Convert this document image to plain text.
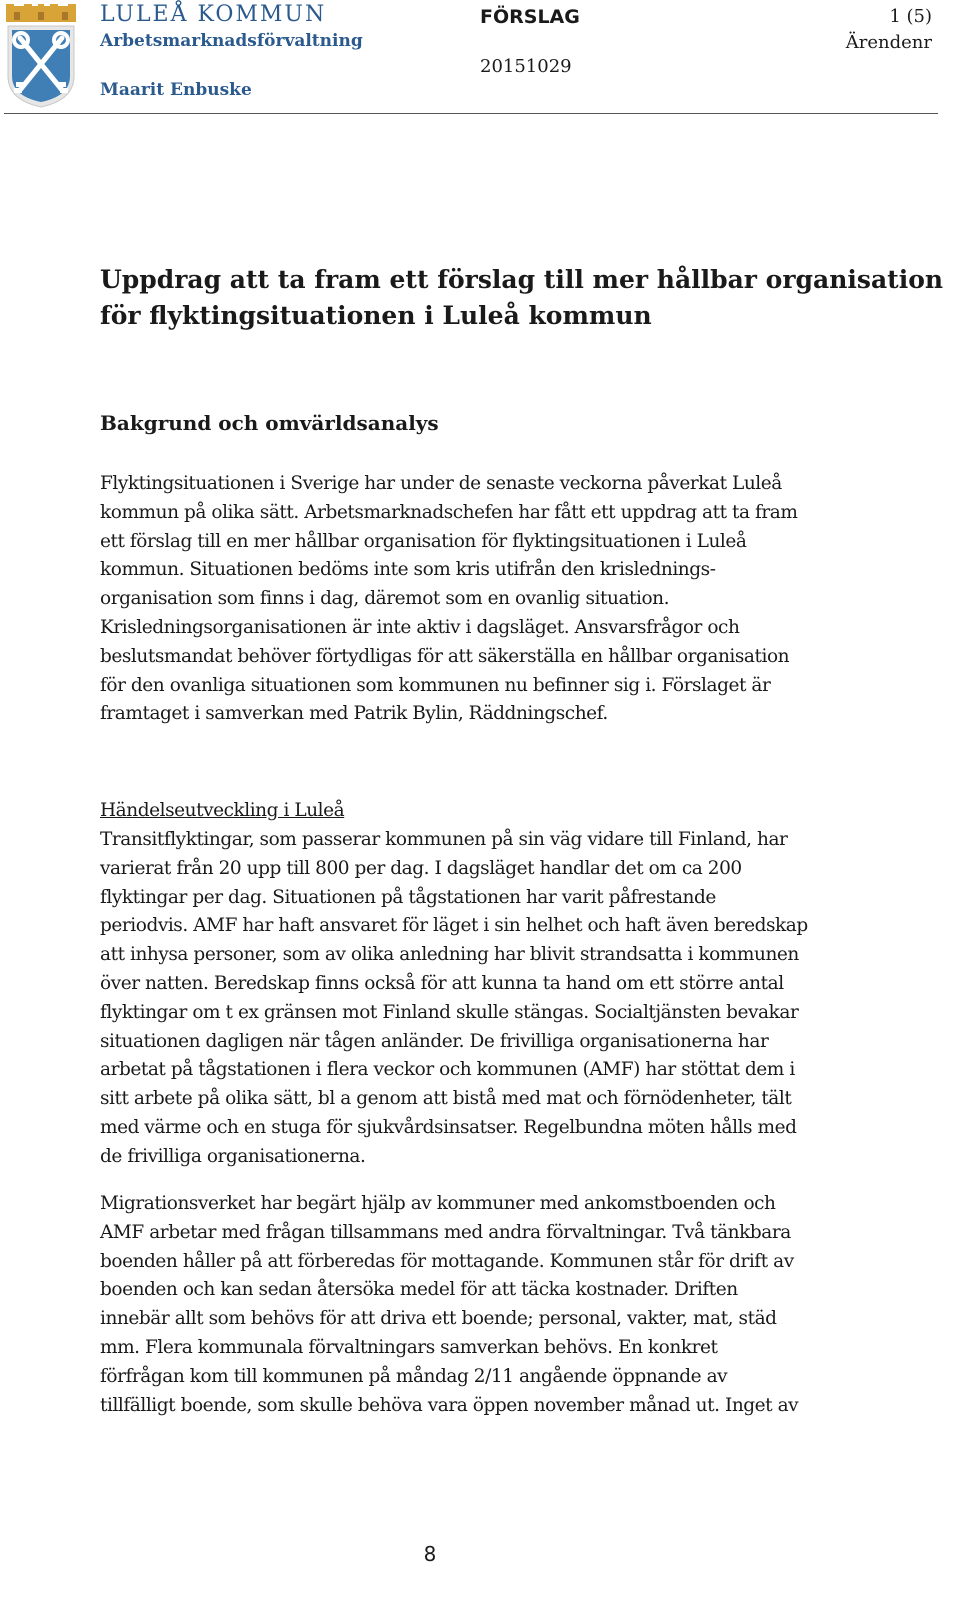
LULEÅ KOMMUN
Arbetsmarknadsförvaltning
Maarit Enbuske
FÖRSLAG
20151029
1 (5)
Ärendenr
Uppdrag att ta fram ett förslag till mer hållbar organisation
för flyktingsituationen i Luleå kommun
Bakgrund och omvärldsanalys

Flyktingsituationen i Sverige har under de senaste veckorna påverkat Luleå
kommun på olika sätt. Arbetsmarknadschefen har fått ett uppdrag att ta fram
ett förslag till en mer hållbar organisation för flyktingsituationen i Luleå
kommun. Situationen bedöms inte som kris utifrån den krislednings-
organisation som finns i dag, däremot som en ovanlig situation.
Krisledningsorganisationen är inte aktiv i dagsläget. Ansvarsfrågor och
beslutsmandat behöver förtydligas för att säkerställa en hållbar organisation
för den ovanliga situationen som kommunen nu befinner sig i. Förslaget är
framtaget i samverkan med Patrik Bylin, Räddningschef.

Händelseutveckling i Luleå

Transitflyktingar, som passerar kommunen på sin väg vidare till Finland, har
varierat från 20 upp till 800 per dag. I dagsläget handlar det om ca 200
flyktingar per dag. Situationen på tågstationen har varit påfrestande
periodvis. AMF har haft ansvaret för läget i sin helhet och haft även beredskap
att inhysa personer, som av olika anledning har blivit strandsatta i kommunen
över natten. Beredskap finns också för att kunna ta hand om ett större antal
flyktingar om t ex gränsen mot Finland skulle stängas. Socialtjänsten bevakar
situationen dagligen när tågen anländer. De frivilliga organisationerna har
arbetat på tågstationen i flera veckor och kommunen (AMF) har stöttat dem i
sitt arbete på olika sätt, bl a genom att bistå med mat och förnödenheter, tält
med värme och en stuga för sjukvårdsinsatser. Regelbundna möten hålls med
de frivilliga organisationerna.

Migrationsverket har begärt hjälp av kommuner med ankomstboenden och
AMF arbetar med frågan tillsammans med andra förvaltningar. Två tänkbara
boenden håller på att förberedas för mottagande. Kommunen står för drift av
boenden och kan sedan återsöka medel för att täcka kostnader. Driften
innebär allt som behövs för att driva ett boende; personal, vakter, mat, städ
mm. Flera kommunala förvaltningars samverkan behövs. En konkret
förfrågan kom till kommunen på måndag 2/11 angående öppnande av
tillfälligt boende, som skulle behöva vara öppen november månad ut. Inget av

8
